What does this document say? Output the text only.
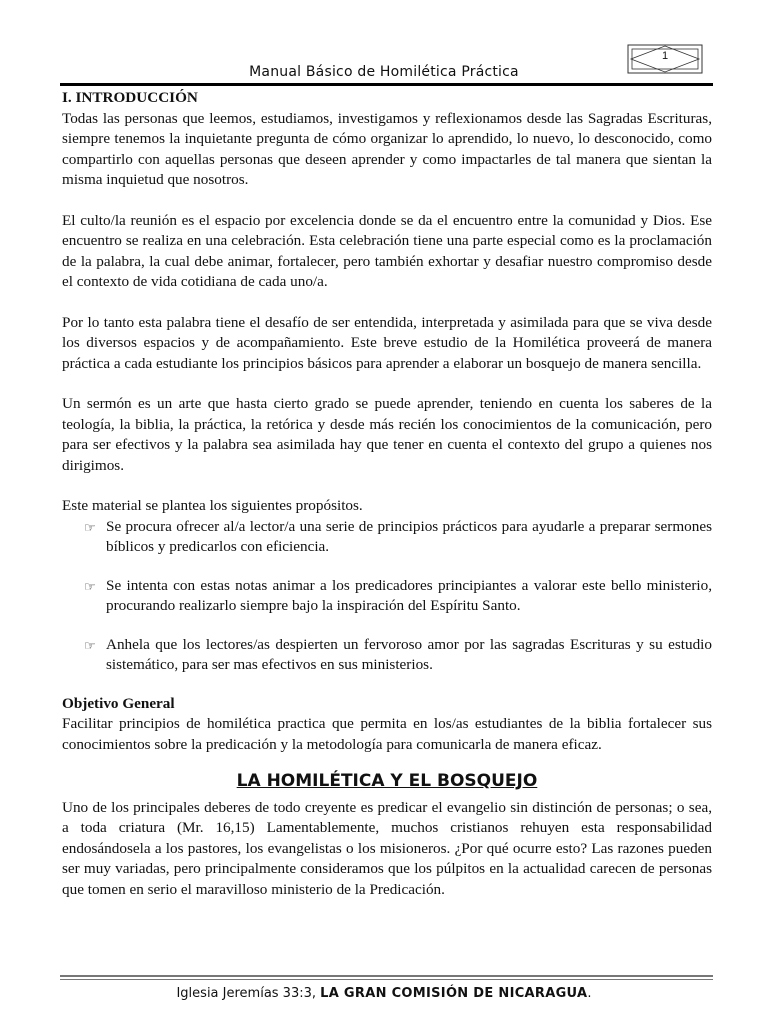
1
Manual Básico de Homilética Práctica
I. INTRODUCCIÓN

Todas las personas que leemos, estudiamos, investigamos y reflexionamos desde las Sagradas Escrituras, siempre tenemos la inquietante pregunta de cómo organizar lo aprendido, lo nuevo, lo desconocido, como compartirlo con aquellas personas que deseen aprender y como impactarles de tal manera que sientan la misma inquietud que nosotros.

El culto/la reunión es el espacio por excelencia donde se da el encuentro entre la comunidad y Dios. Ese encuentro se realiza en una celebración. Esta celebración tiene una parte especial como es la proclamación de la palabra, la cual debe animar, fortalecer, pero también exhortar y desafiar nuestro compromiso desde el contexto de vida cotidiana de cada uno/a.

Por lo tanto esta palabra tiene el desafío de ser entendida, interpretada y asimilada para que se viva desde los diversos espacios y de acompañamiento. Este breve estudio de la Homilética proveerá de manera práctica a cada estudiante los principios básicos para aprender a elaborar un bosquejo de manera sencilla.

Un sermón es un arte que hasta cierto grado se puede aprender, teniendo en cuenta los saberes de la teología, la biblia, la práctica, la retórica y desde más recién los conocimientos de la comunicación, pero para ser efectivos y la palabra sea asimilada hay que tener en cuenta el contexto del grupo a quienes nos dirigimos.

Este material se plantea los siguientes propósitos.

☞ Se procura ofrecer al/a lector/a una serie de principios prácticos para ayudarle a preparar sermones bíblicos y predicarlos con eficiencia.
☞ Se intenta con estas notas animar a los predicadores principiantes a valorar este bello ministerio, procurando realizarlo siempre bajo la inspiración del Espíritu Santo.
☞ Anhela que los lectores/as despierten un fervoroso amor por las sagradas Escrituras y su estudio sistemático, para ser mas efectivos en sus ministerios.
Objetivo General

Facilitar principios de homilética practica que permita en los/as estudiantes de la biblia fortalecer sus conocimientos sobre la predicación y la metodología para comunicarla de manera eficaz.

LA HOMILÉTICA Y EL BOSQUEJO

Uno de los principales deberes de todo creyente es predicar el evangelio sin distinción de personas; o sea, a toda criatura (Mr. 16,15) Lamentablemente, muchos cristianos rehuyen esta responsabilidad endosándosela a los pastores, los evangelistas o los misioneros. ¿Por qué ocurre esto? Las razones pueden ser muy variadas, pero principalmente consideramos que los púlpitos en la actualidad carecen de personas que tomen en serio el maravilloso ministerio de la Predicación.

Iglesia Jeremías 33:3, LA GRAN COMISIÓN DE NICARAGUA.
